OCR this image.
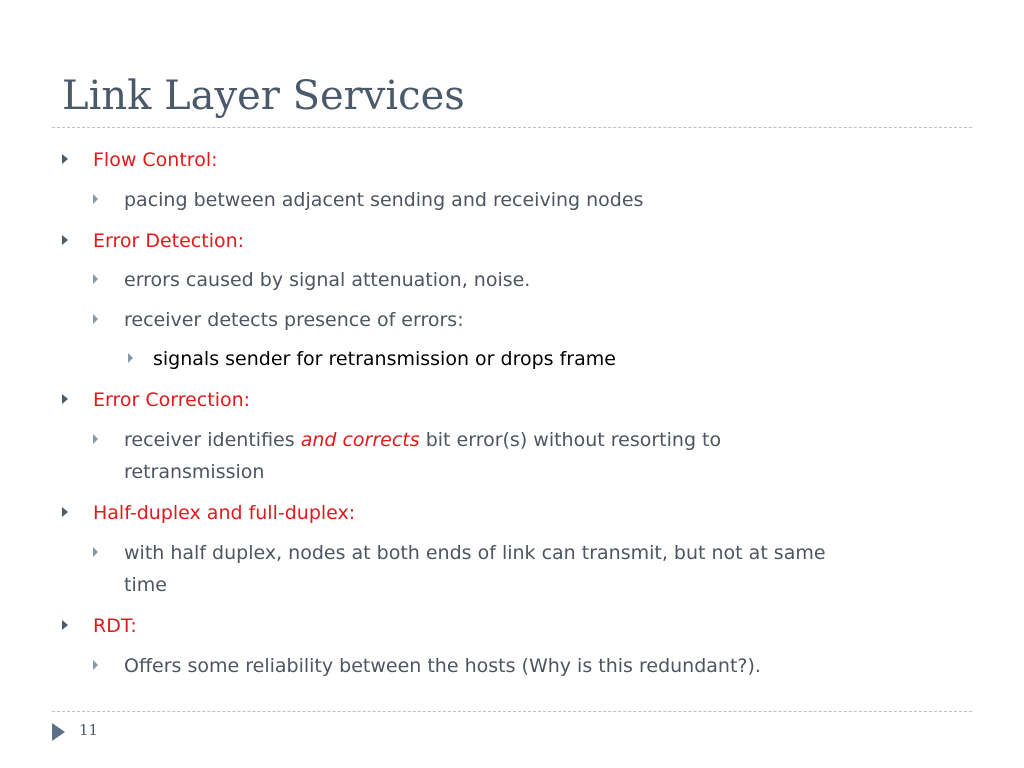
Link Layer Services
Flow Control:
pacing between adjacent sending and receiving nodes
Error Detection:
errors caused by signal attenuation, noise.
receiver detects presence of errors:
signals sender for retransmission or drops frame
Error Correction:
receiver identifies and corrects bit error(s) without resorting to
retransmission
Half-duplex and full-duplex:
with half duplex, nodes at both ends of link can transmit, but not at same
time
RDT:
Offers some reliability between the hosts (Why is this redundant?).
11
